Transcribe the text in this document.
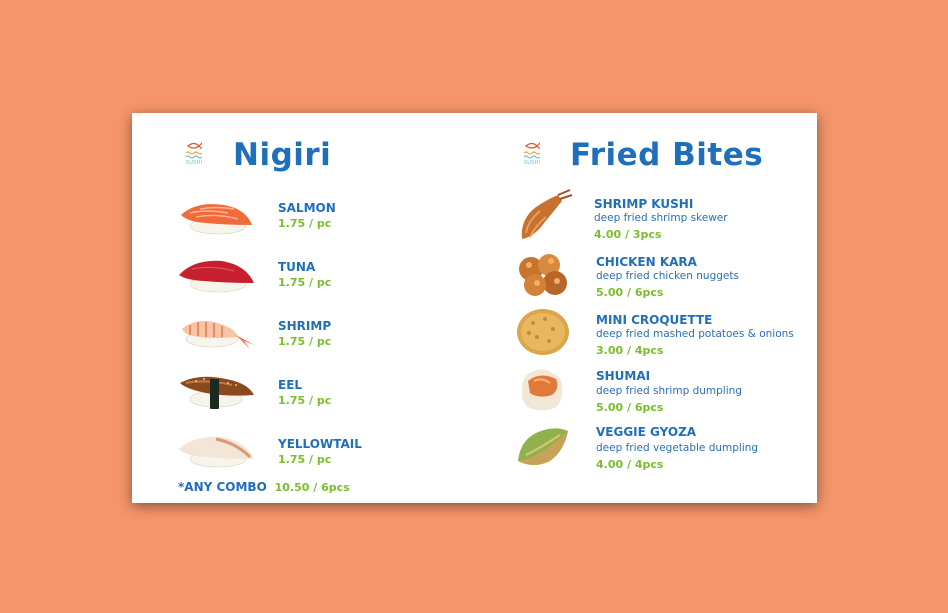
SUSHI Nigiri	SUSHI Fried Bites
SALMON
1.75 / pc
TUNA
1.75 / pc
SHRIMP
1.75 / pc
EEL
1.75 / pc
YELLOWTAIL
1.75 / pc
*ANY COMBO 10.50 / 6pcs
SHRIMP KUSHI
deep fried shrimp skewer
4.00 / 3pcs
CHICKEN KARA
deep fried chicken nuggets
5.00 / 6pcs
MINI CROQUETTE
deep fried mashed potatoes & onions
3.00 / 4pcs
SHUMAI
deep fried shrimp dumpling
5.00 / 6pcs
VEGGIE GYOZA
deep fried vegetable dumpling
4.00 / 4pcs
